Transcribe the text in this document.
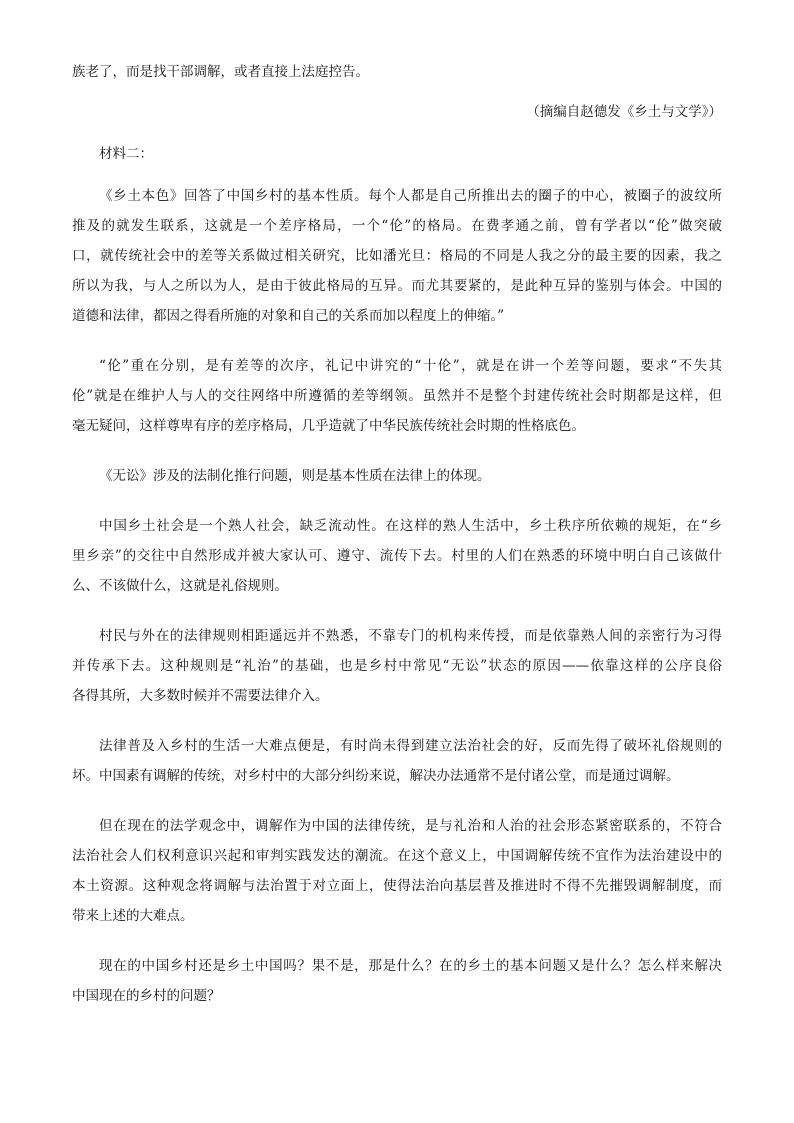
族老了，而是找干部调解，或者直接上法庭控告。
（摘编自赵德发《乡土与文学》）
材料二：
《乡土本色》回答了中国乡村的基本性质。每个人都是自己所推出去的圈子的中心，被圈子的波纹所
推及的就发生联系，这就是一个差序格局，一个“伦”的格局。在费孝通之前，曾有学者以“伦”做突破
口，就传统社会中的差等关系做过相关研究，比如潘光旦：格局的不同是人我之分的最主要的因素，我之
所以为我，与人之所以为人，是由于彼此格局的互异。而尤其要紧的，是此种互异的鉴别与体会。中国的
道德和法律，都因之得看所施的对象和自己的关系而加以程度上的伸缩。”
“伦”重在分别，是有差等的次序，礼记中讲究的“十伦”，就是在讲一个差等问题，要求“不失其
伦”就是在维护人与人的交往网络中所遵循的差等纲领。虽然并不是整个封建传统社会时期都是这样，但
毫无疑问，这样尊卑有序的差序格局，几乎造就了中华民族传统社会时期的性格底色。
《无讼》涉及的法制化推行问题，则是基本性质在法律上的体现。
中国乡土社会是一个熟人社会，缺乏流动性。在这样的熟人生活中，乡土秩序所依赖的规矩，在“乡
里乡亲”的交往中自然形成并被大家认可、遵守、流传下去。村里的人们在熟悉的环境中明白自己该做什
么、不该做什么，这就是礼俗规则。
村民与外在的法律规则相距遥远并不熟悉，不靠专门的机构来传授，而是依靠熟人间的亲密行为习得
并传承下去。这种规则是“礼治”的基础，也是乡村中常见“无讼”状态的原因——依靠这样的公序良俗
各得其所，大多数时候并不需要法律介入。
法律普及入乡村的生活一大难点便是，有时尚未得到建立法治社会的好，反而先得了破坏礼俗规则的
坏。中国素有调解的传统，对乡村中的大部分纠纷来说，解决办法通常不是付诸公堂，而是通过调解。
但在现在的法学观念中，调解作为中国的法律传统，是与礼治和人治的社会形态紧密联系的，不符合
法治社会人们权利意识兴起和审判实践发达的潮流。在这个意义上，中国调解传统不宜作为法治建设中的
本土资源。这种观念将调解与法治置于对立面上，使得法治向基层普及推进时不得不先摧毁调解制度，而
带来上述的大难点。
现在的中国乡村还是乡土中国吗？果不是，那是什么？在的乡土的基本问题又是什么？怎么样来解决
中国现在的乡村的问题？
